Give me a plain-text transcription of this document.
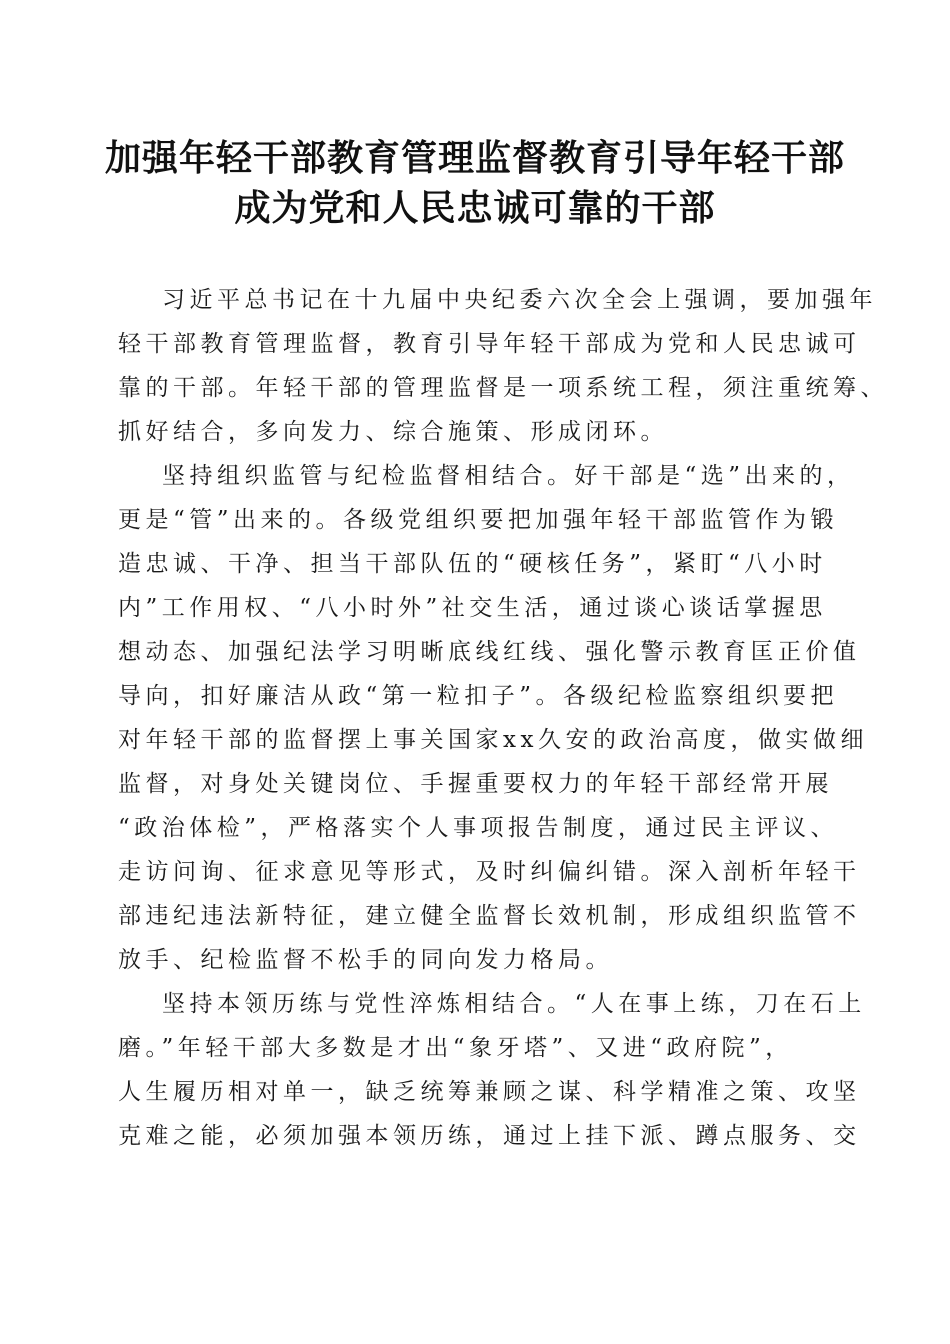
加强年轻干部教育管理监督教育引导年轻干部
成为党和人民忠诚可靠的干部
习近平总书记在十九届中央纪委六次全会上强调，要加强年
轻干部教育管理监督，教育引导年轻干部成为党和人民忠诚可
靠的干部。年轻干部的管理监督是一项系统工程，须注重统筹、
抓好结合，多向发力、综合施策、形成闭环。
坚持组织监管与纪检监督相结合。好干部是“选”出来的，
更是“管”出来的。各级党组织要把加强年轻干部监管作为锻
造忠诚、干净、担当干部队伍的“硬核任务”，紧盯“八小时
内”工作用权、“八小时外”社交生活，通过谈心谈话掌握思
想动态、加强纪法学习明晰底线红线、强化警示教育匡正价值
导向，扣好廉洁从政“第一粒扣子”。各级纪检监察组织要把
对年轻干部的监督摆上事关国家xx久安的政治高度，做实做细
监督，对身处关键岗位、手握重要权力的年轻干部经常开展
“政治体检”，严格落实个人事项报告制度，通过民主评议、
走访问询、征求意见等形式，及时纠偏纠错。深入剖析年轻干
部违纪违法新特征，建立健全监督长效机制，形成组织监管不
放手、纪检监督不松手的同向发力格局。
坚持本领历练与党性淬炼相结合。“人在事上练，刀在石上
磨。”年轻干部大多数是才出“象牙塔”、又进“政府院”，
人生履历相对单一，缺乏统筹兼顾之谋、科学精准之策、攻坚
克难之能，必须加强本领历练，通过上挂下派、蹲点服务、交
